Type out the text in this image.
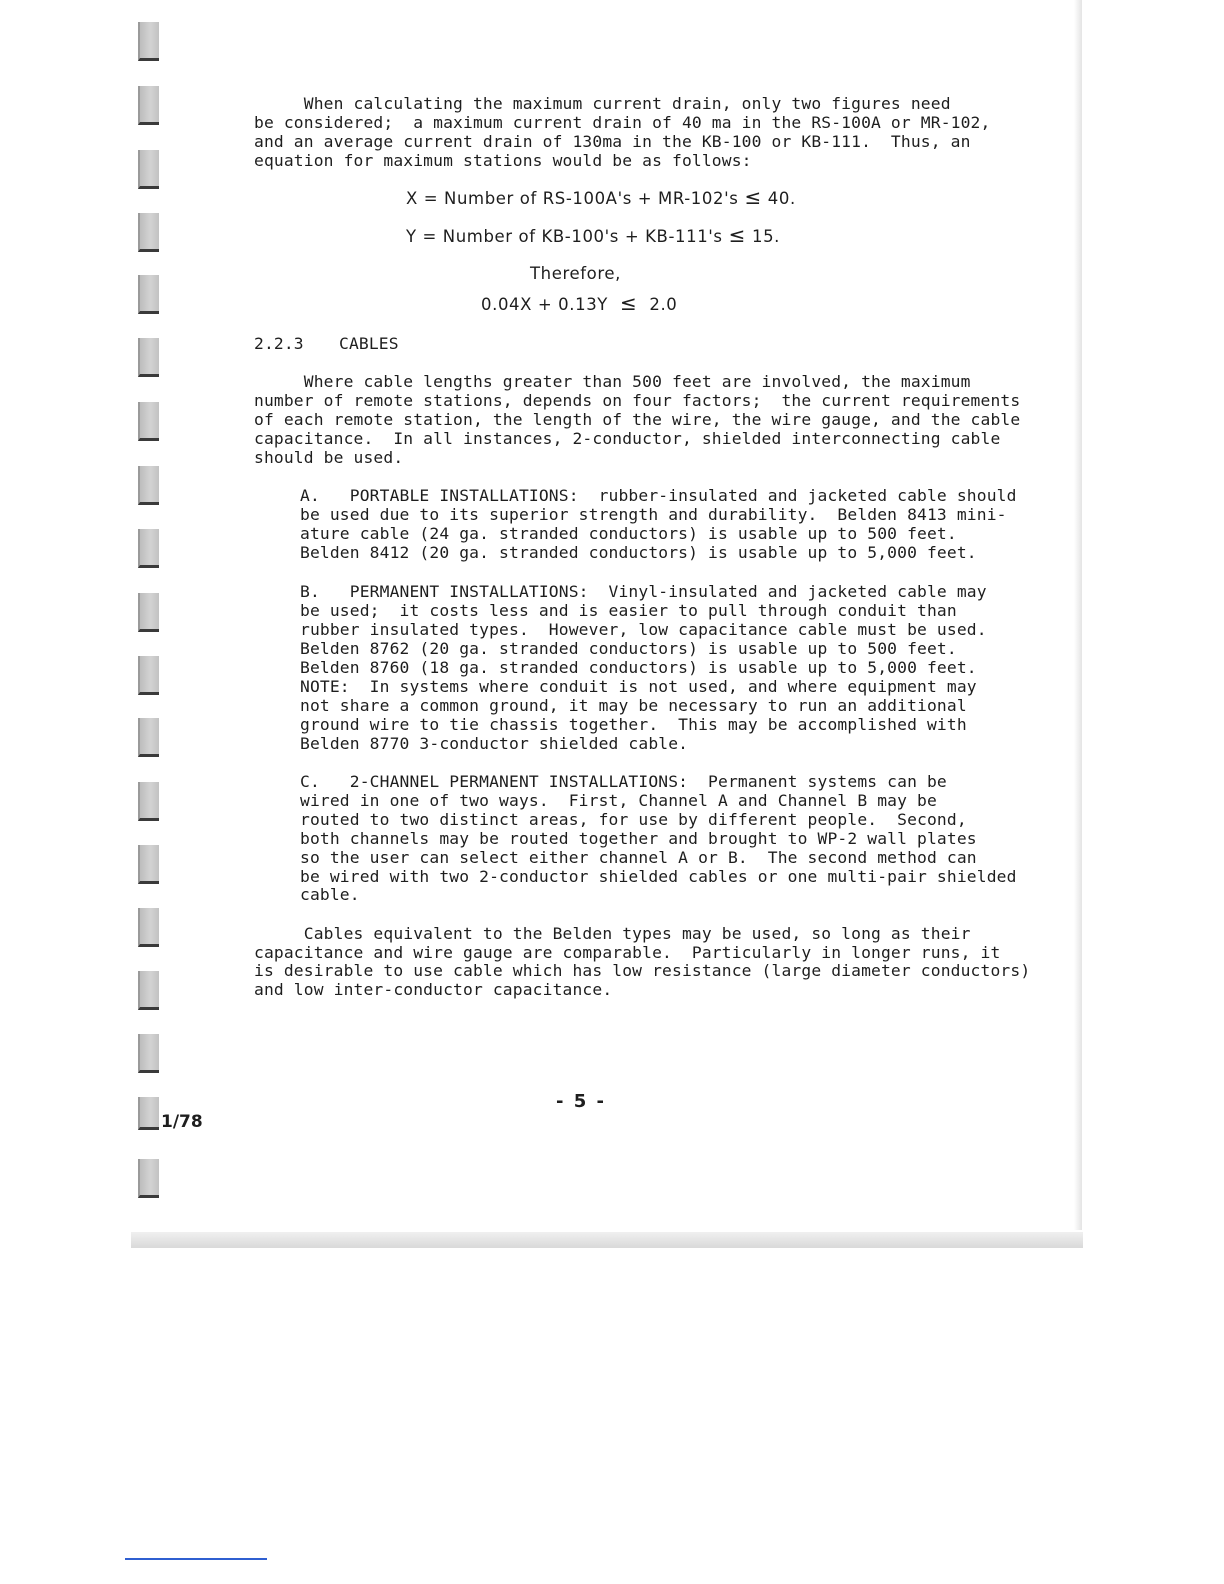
When calculating the maximum current drain, only two figures need
be considered;  a maximum current drain of 40 ma in the RS-100A or MR-102,
and an average current drain of 130ma in the KB-100 or KB-111.  Thus, an
equation for maximum stations would be as follows:
X = Number of RS-100A's + MR-102's ≤ 40.
Y = Number of KB-100's + KB-111's ≤ 15.
Therefore,
0.04X + 0.13Y ≤ 2.0
2.2.3 CABLES
Where cable lengths greater than 500 feet are involved, the maximum
number of remote stations, depends on four factors;  the current requirements
of each remote station, the length of the wire, the wire gauge, and the cable
capacitance.  In all instances, 2-conductor, shielded interconnecting cable
should be used.
A.   PORTABLE INSTALLATIONS:  rubber-insulated and jacketed cable should
be used due to its superior strength and durability.  Belden 8413 mini-
ature cable (24 ga. stranded conductors) is usable up to 500 feet.
Belden 8412 (20 ga. stranded conductors) is usable up to 5,000 feet.
B.   PERMANENT INSTALLATIONS:  Vinyl-insulated and jacketed cable may
be used;  it costs less and is easier to pull through conduit than
rubber insulated types.  However, low capacitance cable must be used.
Belden 8762 (20 ga. stranded conductors) is usable up to 500 feet.
Belden 8760 (18 ga. stranded conductors) is usable up to 5,000 feet.
NOTE:  In systems where conduit is not used, and where equipment may
not share a common ground, it may be necessary to run an additional
ground wire to tie chassis together.  This may be accomplished with
Belden 8770 3-conductor shielded cable.
C.   2-CHANNEL PERMANENT INSTALLATIONS:  Permanent systems can be
wired in one of two ways.  First, Channel A and Channel B may be
routed to two distinct areas, for use by different people.  Second,
both channels may be routed together and brought to WP-2 wall plates
so the user can select either channel A or B.  The second method can
be wired with two 2-conductor shielded cables or one multi-pair shielded
cable.
Cables equivalent to the Belden types may be used, so long as their
capacitance and wire gauge are comparable.  Particularly in longer runs, it
is desirable to use cable which has low resistance (large diameter conductors)
and low inter-conductor capacitance.
- 5 -
1/78
